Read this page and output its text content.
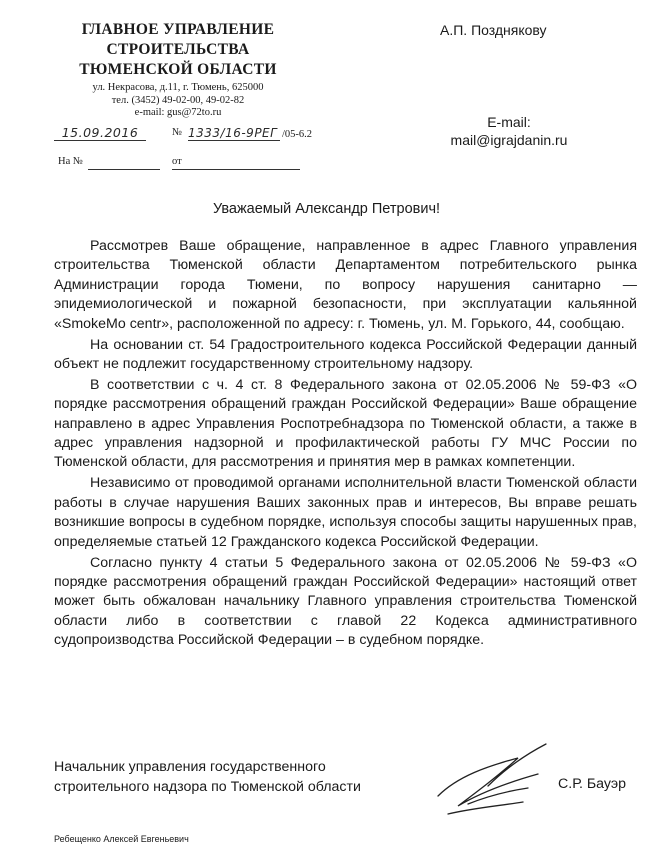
ГЛАВНОЕ УПРАВЛЕНИЕ
СТРОИТЕЛЬСТВА
ТЮМЕНСКОЙ ОБЛАСТИ
ул. Некрасова, д.11, г. Тюмень, 625000
тел. (3452) 49-02-00, 49-02-82
e-mail: gus@72to.ru
15.09.2016	№ 1333/16-9РЕГ /05-6.2
На №	от
А.П. Позднякову
E-mail:
mail@igrajdanin.ru
Уважаемый Александр Петрович!

Рассмотрев Ваше обращение, направленное в адрес Главного управления строительства Тюменской области Департаментом потребительского рынка Администрации города Тюмени, по вопросу нарушения санитарно — эпидемиологической и пожарной безопасности, при эксплуатации кальянной «SmokeMo centr», расположенной по адресу: г. Тюмень, ул. М. Горького, 44, сообщаю.

На основании ст. 54 Градостроительного кодекса Российской Федерации данный объект не подлежит государственному строительному надзору.

В соответствии с ч. 4 ст. 8 Федерального закона от 02.05.2006 № 59-ФЗ «О порядке рассмотрения обращений граждан Российской Федерации» Ваше обращение направлено в адрес Управления Роспотребнадзора по Тюменской области, а также в адрес управления надзорной и профилактической работы ГУ МЧС России по Тюменской области, для рассмотрения и принятия мер в рамках компетенции.

Независимо от проводимой органами исполнительной власти Тюменской области работы в случае нарушения Ваших законных прав и интересов, Вы вправе решать возникшие вопросы в судебном порядке, используя способы защиты нарушенных прав, определяемые статьей 12 Гражданского кодекса Российской Федерации.

Согласно пункту 4 статьи 5 Федерального закона от 02.05.2006 № 59-ФЗ «О порядке рассмотрения обращений граждан Российской Федерации» настоящий ответ может быть обжалован начальнику Главного управления строительства Тюменской области либо в соответствии с главой 22 Кодекса административного судопроизводства Российской Федерации – в судебном порядке.

Начальник управления государственного
строительного надзора по Тюменской области	С.Р. Бауэр
Ребещенко Алексей Евгеньевич
